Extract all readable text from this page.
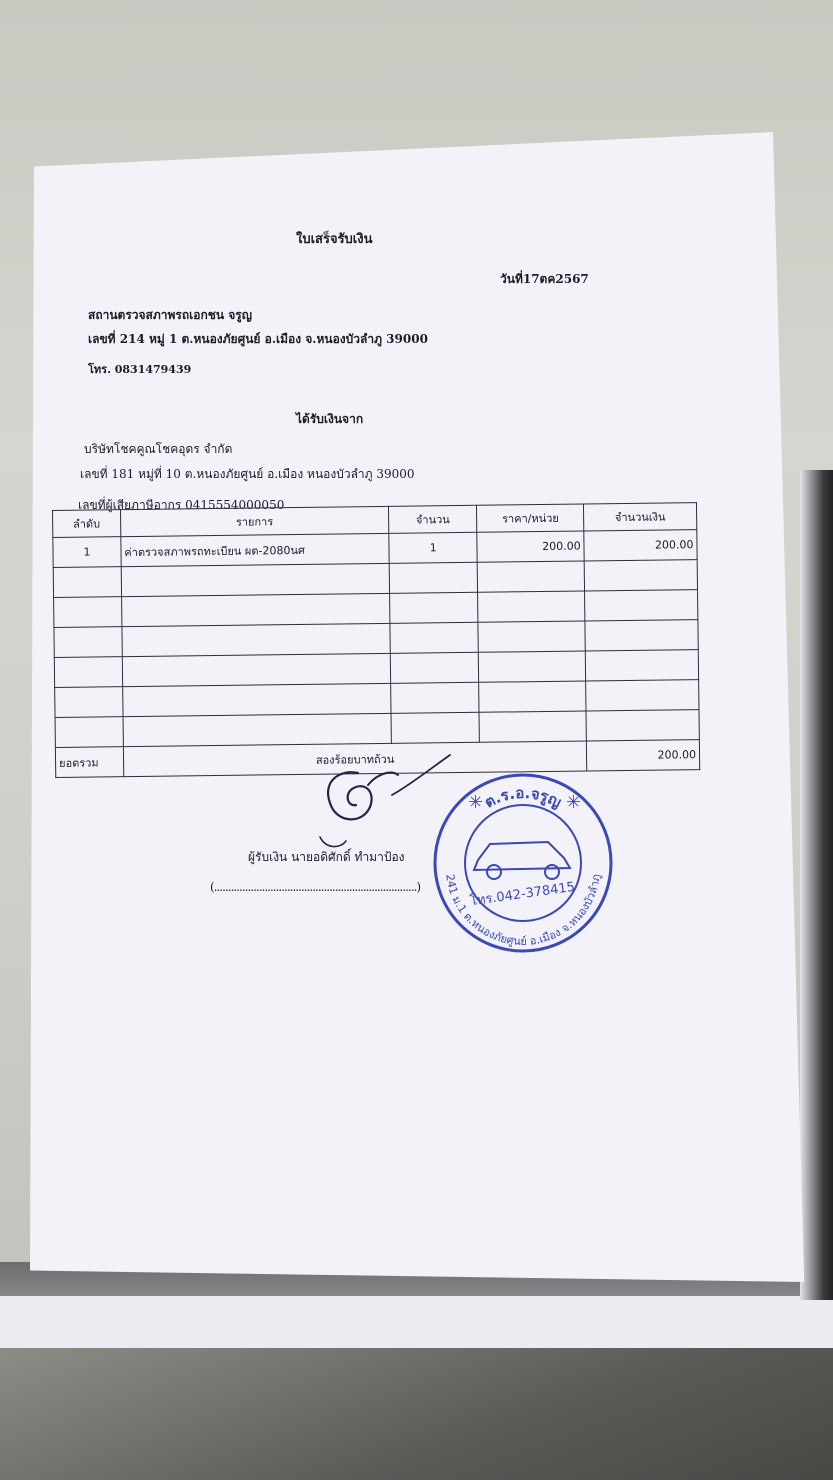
ใบเสร็จรับเงิน
วันที่17ตค2567
สถานตรวจสภาพรถเอกชน จรูญ
เลขที่ 214 หมู่ 1 ต.หนองภัยศูนย์ อ.เมือง จ.หนองบัวลำภู 39000
โทร. 0831479439
ได้รับเงินจาก
บริษัทโชคคูณโชคอุดร จำกัด
เลขที่ 181 หมู่ที่ 10 ต.หนองภัยศูนย์ อ.เมือง หนองบัวลำภู 39000
เลขที่ผู้เสียภาษีอากร 0415554000050
ลำดับ	รายการ	จำนวน	ราคา/หน่วย	จำนวนเงิน
1	ค่าตรวจสภาพรถทะเบียน ผต-2080นศ	1	200.00	200.00

ยอดรวม	สองร้อยบาทถ้วน			200.00
ผู้รับเงิน นายอดิศักดิ์ ทำมาป้อง
(........................................................................)
ต.ร.อ.จรูญ
241 ม.1 ต.หนองภัยศูนย์ อ.เมือง จ.หนองบัวลำภู
โทร.042-378415
✳	✳
